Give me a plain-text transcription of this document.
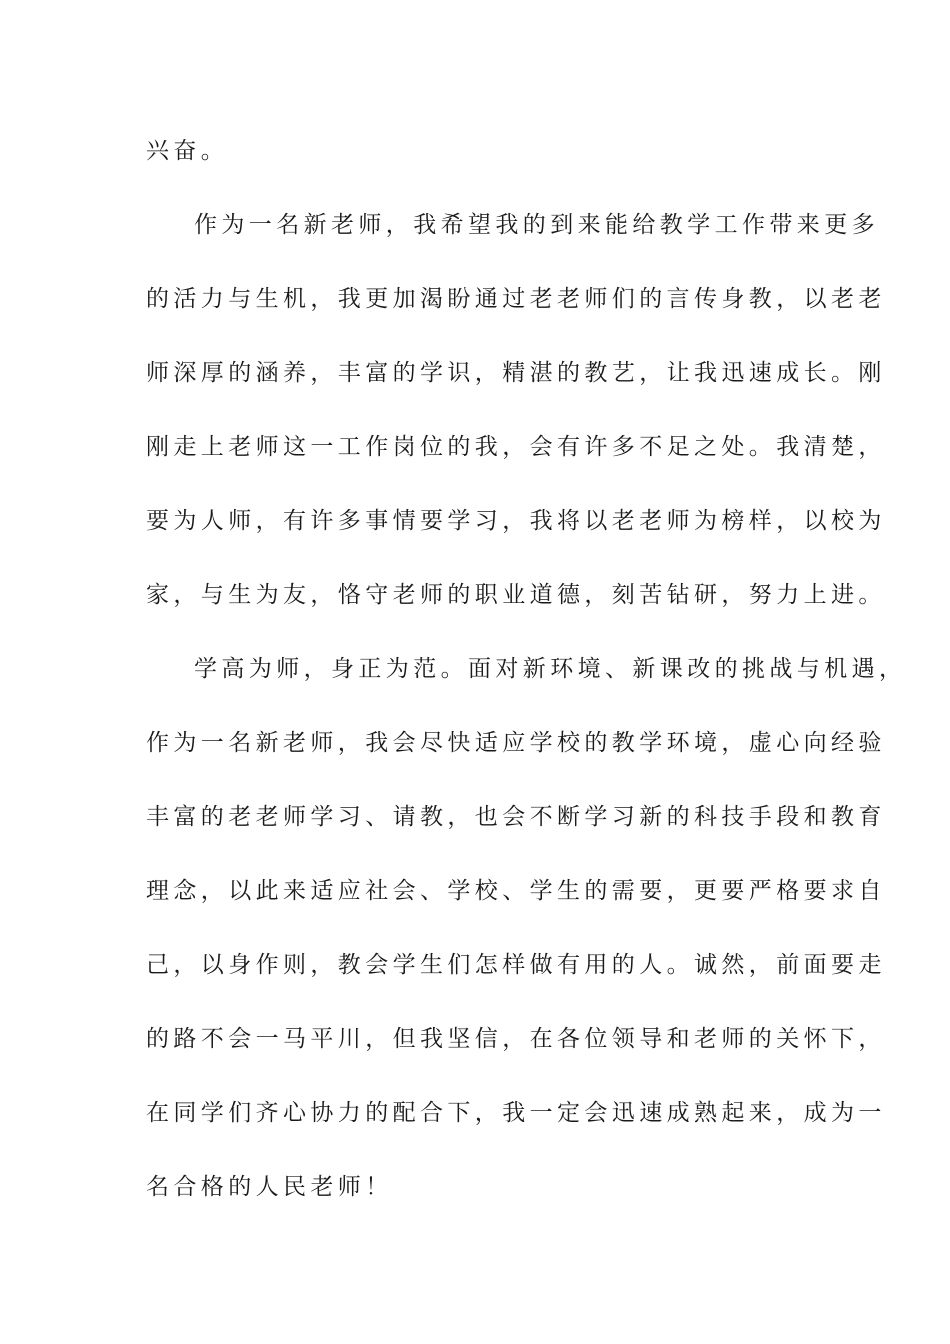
兴奋。
作为一名新老师，我希望我的到来能给教学工作带来更多
的活力与生机，我更加渴盼通过老老师们的言传身教，以老老
师深厚的涵养，丰富的学识，精湛的教艺，让我迅速成长。刚
刚走上老师这一工作岗位的我，会有许多不足之处。我清楚，
要为人师，有许多事情要学习，我将以老老师为榜样，以校为
家，与生为友，恪守老师的职业道德，刻苦钻研，努力上进。
学高为师，身正为范。面对新环境、新课改的挑战与机遇，
作为一名新老师，我会尽快适应学校的教学环境，虚心向经验
丰富的老老师学习、请教，也会不断学习新的科技手段和教育
理念，以此来适应社会、学校、学生的需要，更要严格要求自
己，以身作则，教会学生们怎样做有用的人。诚然，前面要走
的路不会一马平川，但我坚信，在各位领导和老师的关怀下，
在同学们齐心协力的配合下，我一定会迅速成熟起来，成为一
名合格的人民老师！
